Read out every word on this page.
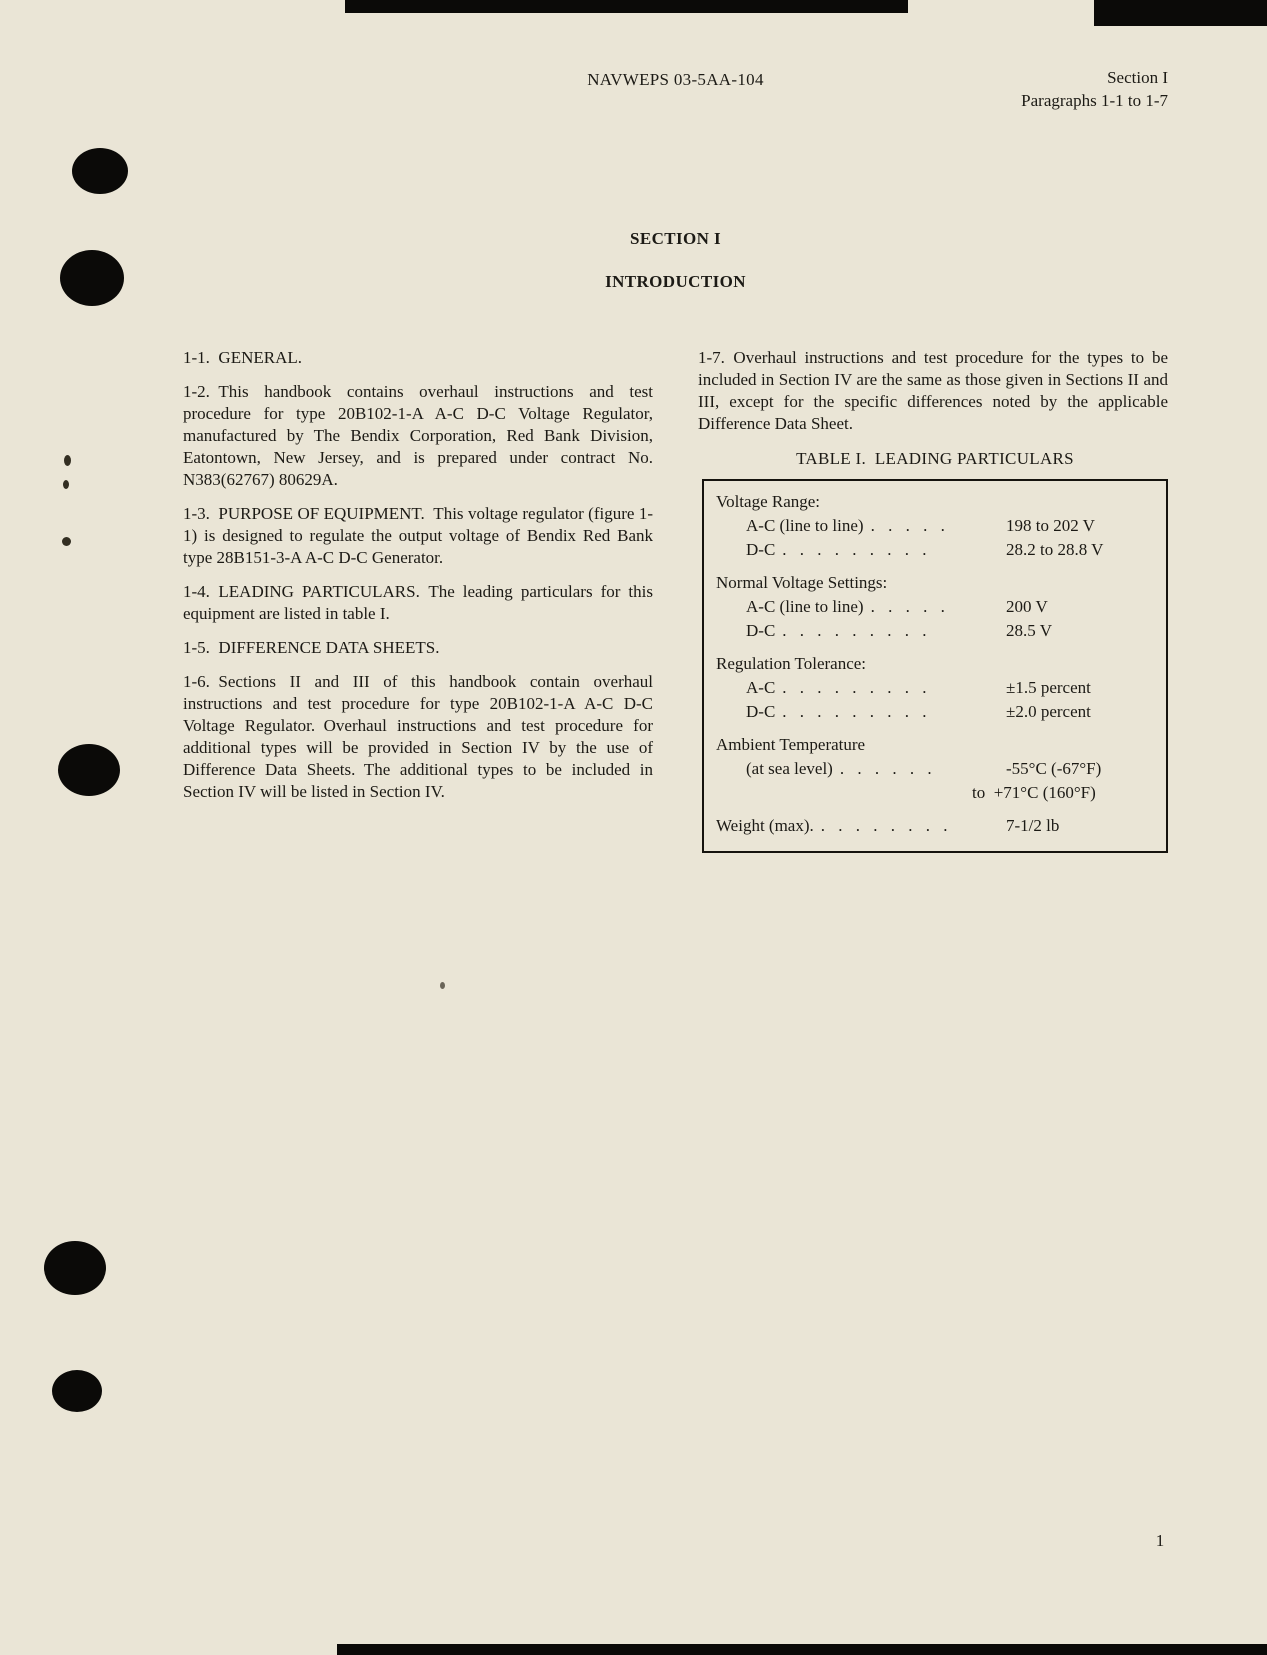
NAVWEPS 03-5AA-104	Section I
Paragraphs 1-1 to 1-7
SECTION I
INTRODUCTION

1-1. GENERAL.

1-2. This handbook contains overhaul instructions and test procedure for type 20B102-1-A A-C D-C Voltage Regulator, manufactured by The Bendix Corporation, Red Bank Division, Eatontown, New Jersey, and is prepared under contract No. N383(62767) 80629A.

1-3. PURPOSE OF EQUIPMENT. This voltage regulator (figure 1-1) is designed to regulate the output voltage of Bendix Red Bank type 28B151-3-A A-C D-C Generator.

1-4. LEADING PARTICULARS. The leading particulars for this equipment are listed in table I.

1-5. DIFFERENCE DATA SHEETS.

1-6. Sections II and III of this handbook contain overhaul instructions and test procedure for type 20B102-1-A A-C D-C Voltage Regulator. Overhaul instructions and test procedure for additional types will be provided in Section IV by the use of Difference Data Sheets. The additional types to be included in Section IV will be listed in Section IV.

1-7. Overhaul instructions and test procedure for the types to be included in Section IV are the same as those given in Sections II and III, except for the specific differences noted by the applicable Difference Data Sheet.

TABLE I. LEADING PARTICULARS
Voltage Range:
A-C (line to line) . . . . .	198 to 202 V
D-C . . . . . . . . .	28.2 to 28.8 V
Normal Voltage Settings:
A-C (line to line) . . . . .	200 V
D-C . . . . . . . . .	28.5 V
Regulation Tolerance:
A-C . . . . . . . . .	±1.5 percent
D-C . . . . . . . . .	±2.0 percent
Ambient Temperature
(at sea level) . . . . . .	-55°C (-67°F)
to +71°C (160°F)
Weight (max). . . . . . . . .	7-1/2 lb
1
